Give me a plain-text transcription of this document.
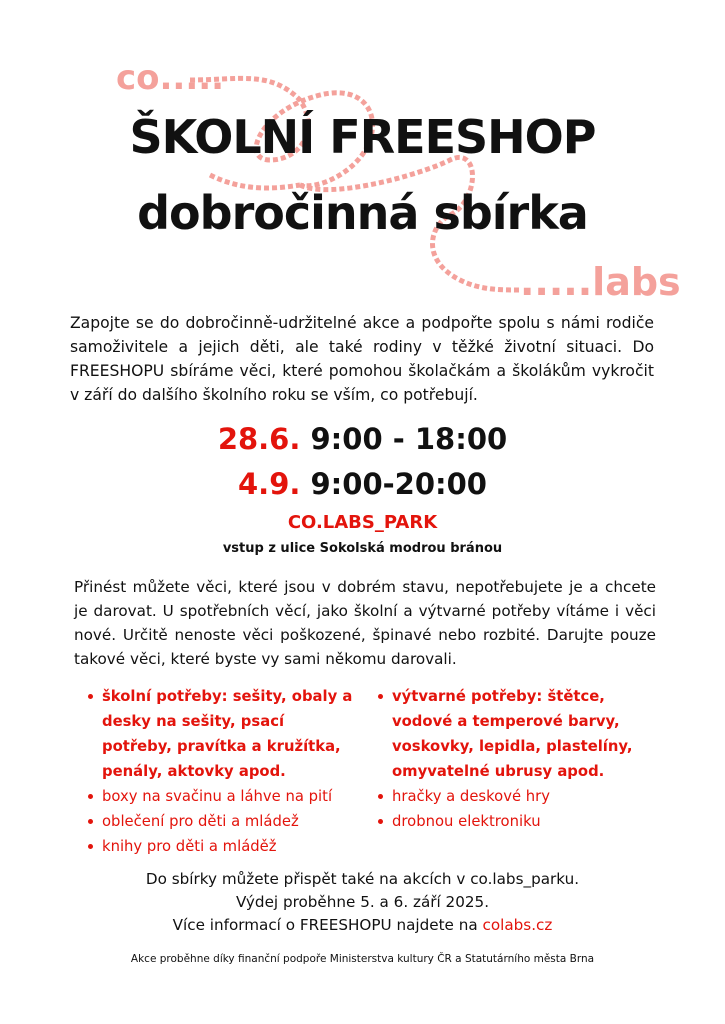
co.....
.....labs
ŠKOLNÍ FREESHOP
dobročinná sbírka
Zapojte se do dobročinně-udržitelné akce a podpořte spolu s námi rodiče samoživitele a jejich děti, ale také rodiny v těžké životní situaci. Do FREESHOPU sbíráme věci, které pomohou školačkám a školákům vykročit v září do dalšího školního roku se vším, co potřebují.
28.6. 9:00 - 18:00
4.9. 9:00-20:00
CO.LABS_PARK
vstup z ulice Sokolská modrou bránou
Přinést můžete věci, které jsou v dobrém stavu, nepotřebujete je a chcete je darovat. U spotřebních věcí, jako školní a výtvarné potřeby vítáme i věci nové. Určitě nenoste věci poškozené, špinavé nebo rozbité. Darujte pouze takové věci, které byste vy sami někomu darovali.
školní potřeby: sešity, obaly a desky na sešity, psací potřeby, pravítka a kružítka, penály, aktovky apod.
boxy na svačinu a láhve na pití
oblečení pro děti a mládež
knihy pro děti a mláděž
výtvarné potřeby: štětce, vodové a temperové barvy, voskovky, lepidla, plastelíny, omyvatelné ubrusy apod.
hračky a deskové hry
drobnou elektroniku
Do sbírky můžete přispět také na akcích v co.labs_parku.
Výdej proběhne 5. a 6. září 2025.
Více informací o FREESHOPU najdete na colabs.cz
Akce proběhne díky finanční podpoře Ministerstva kultury ČR a Statutárního města Brna
